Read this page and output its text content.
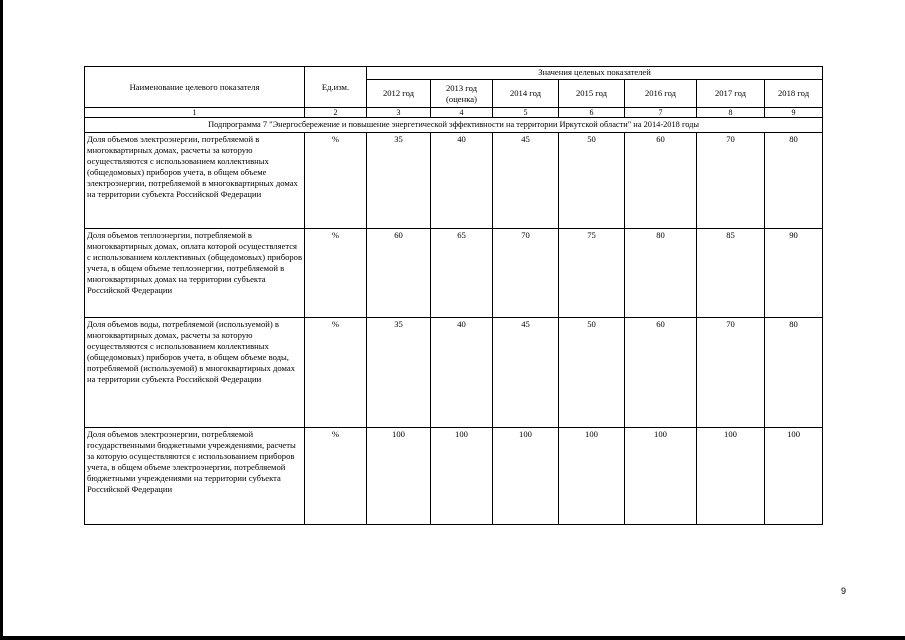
Наименование целевого показателя	Ед.изм.	Значения целевых показателей						
		2012 год	2013 год (оценка)	2014 год	2015 год	2016 год	2017 год	2018 год
1	2	3	4	5	6	7	8	9
Подпрограмма 7 "Энергосбережение и повышение энергетической эффективности на территории Иркутской области" на 2014-2018 годы								
Доля объемов электроэнергии, потребляемой в многоквартирных домах, расчеты за которую осуществляются с использованием коллективных (общедомовых) приборов учета, в общем объеме электроэнергии, потребляемой в многоквартирных домах на территории субъекта Российской Федерации	%	35	40	45	50	60	70	80
Доля объемов теплоэнергии, потребляемой в многоквартирных домах, оплата которой осуществляется с использованием коллективных (общедомовых) приборов учета, в общем объеме теплоэнергии, потребляемой в многоквартирных домах на территории субъекта Российской Федерации	%	60	65	70	75	80	85	90
Доля объемов воды, потребляемой (используемой) в многоквартирных домах, расчеты за которую осуществляются с использованием коллективных (общедомовых) приборов учета, в общем объеме воды, потребляемой (используемой) в многоквартирных домах на территории субъекта Российской Федерации	%	35	40	45	50	60	70	80
Доля объемов электроэнергии, потребляемой государственными бюджетными учреждениями, расчеты за которую осуществляются с использованием приборов учета, в общем объеме электроэнергии, потребляемой бюджетными учреждениями на территории субъекта Российской Федерации	%	100	100	100	100	100	100	100
9
